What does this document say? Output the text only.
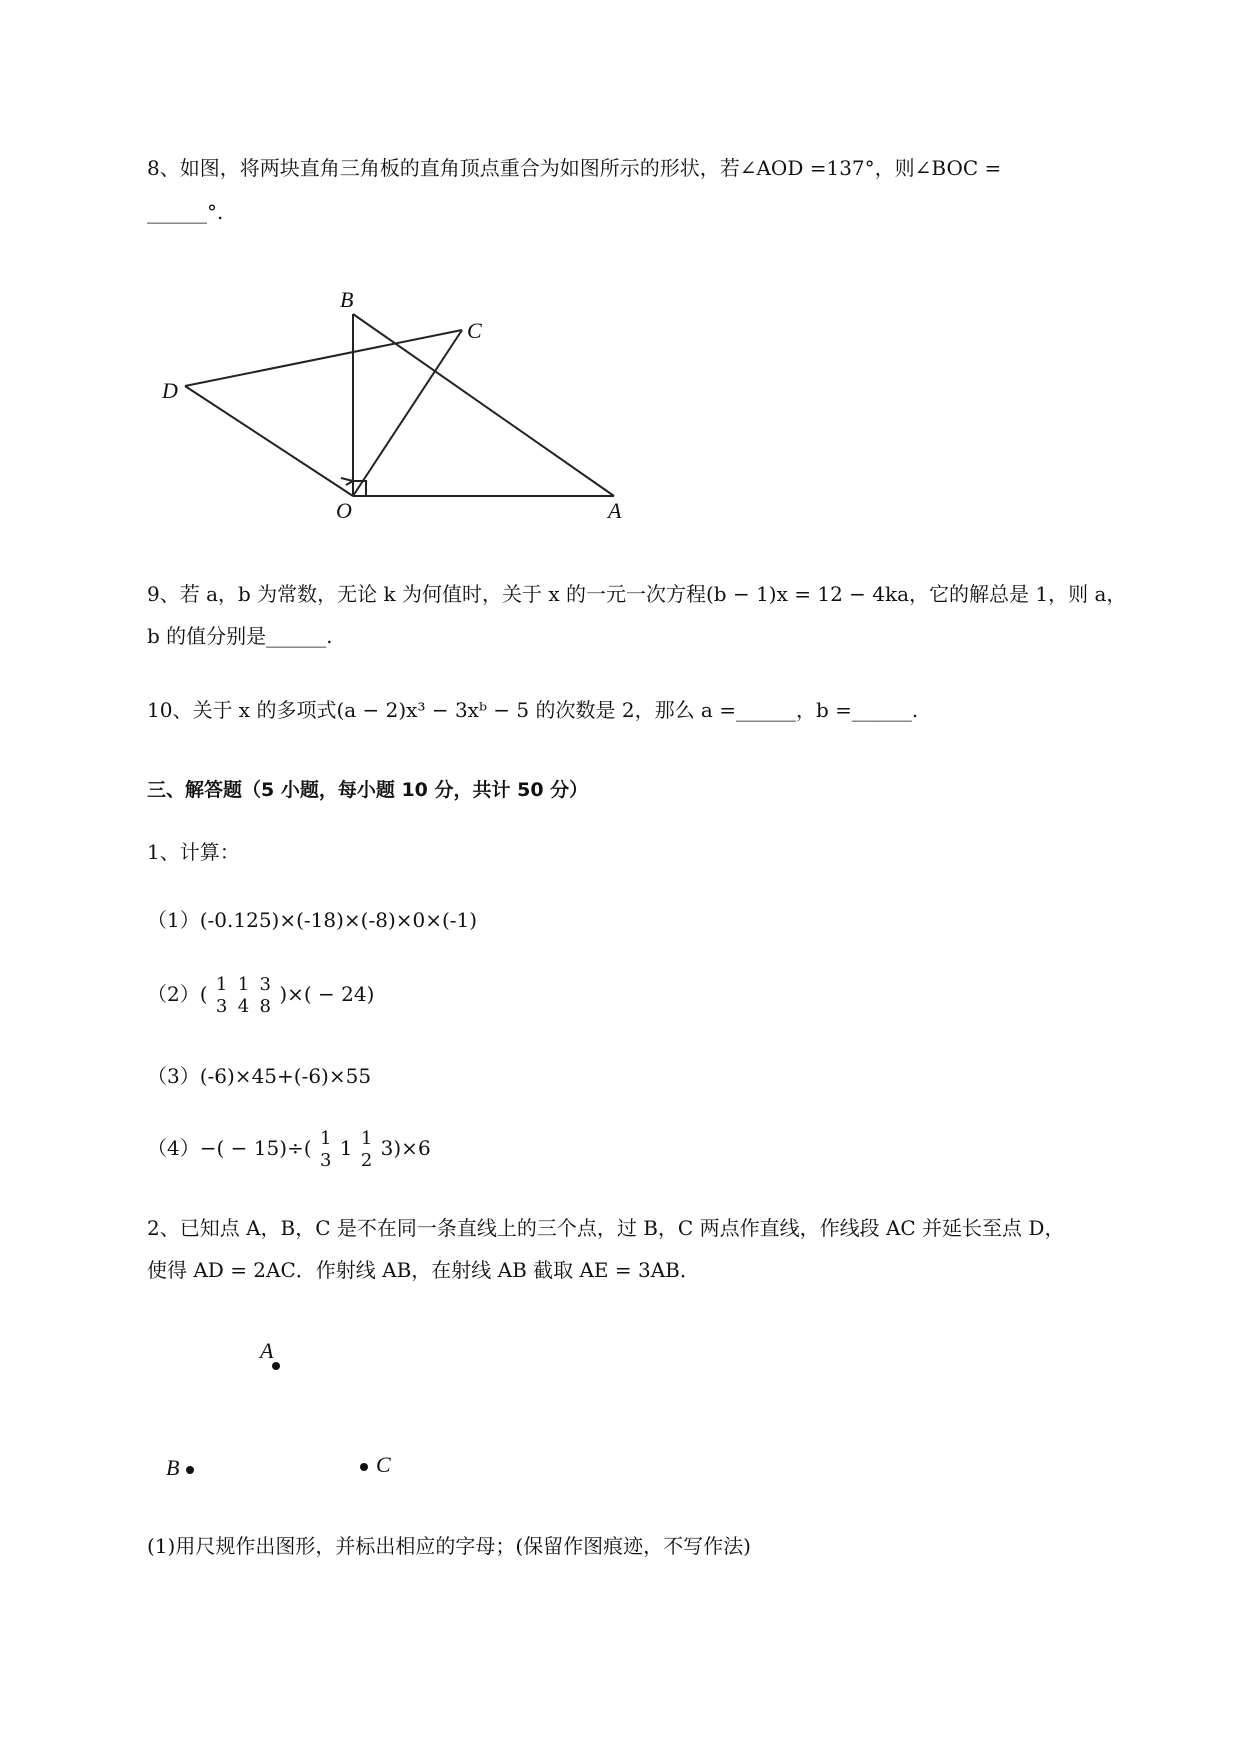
8、如图，将两块直角三角板的直角顶点重合为如图所示的形状，若∠AOD =137°，则∠BOC =
______°.
B
C
D
O	A
A
B	C
9、若 a，b 为常数，无论 k 为何值时，关于 x 的一元一次方程(b − 1)x = 12 − 4ka，它的解总是 1，则 a，
b 的值分别是______.
10、关于 x 的多项式(a − 2)x³ − 3xᵇ − 5 的次数是 2，那么 a =______，b =______.
三、解答题（5 小题，每小题 10 分，共计 50 分）
1、计算：
（1）(-0.125)×(-18)×(-8)×0×(-1)
（2）( 1
3

1
4

3
8 )×( − 24)
（3）(-6)×45+(-6)×55
（4）−( − 15)÷( 1
3 1 1
2 3)×6
2、已知点 A，B，C 是不在同一条直线上的三个点，过 B，C 两点作直线，作线段 AC 并延长至点 D，
使得 AD = 2AC．作射线 AB，在射线 AB 截取 AE = 3AB．
(1)用尺规作出图形，并标出相应的字母；(保留作图痕迹，不写作法)
